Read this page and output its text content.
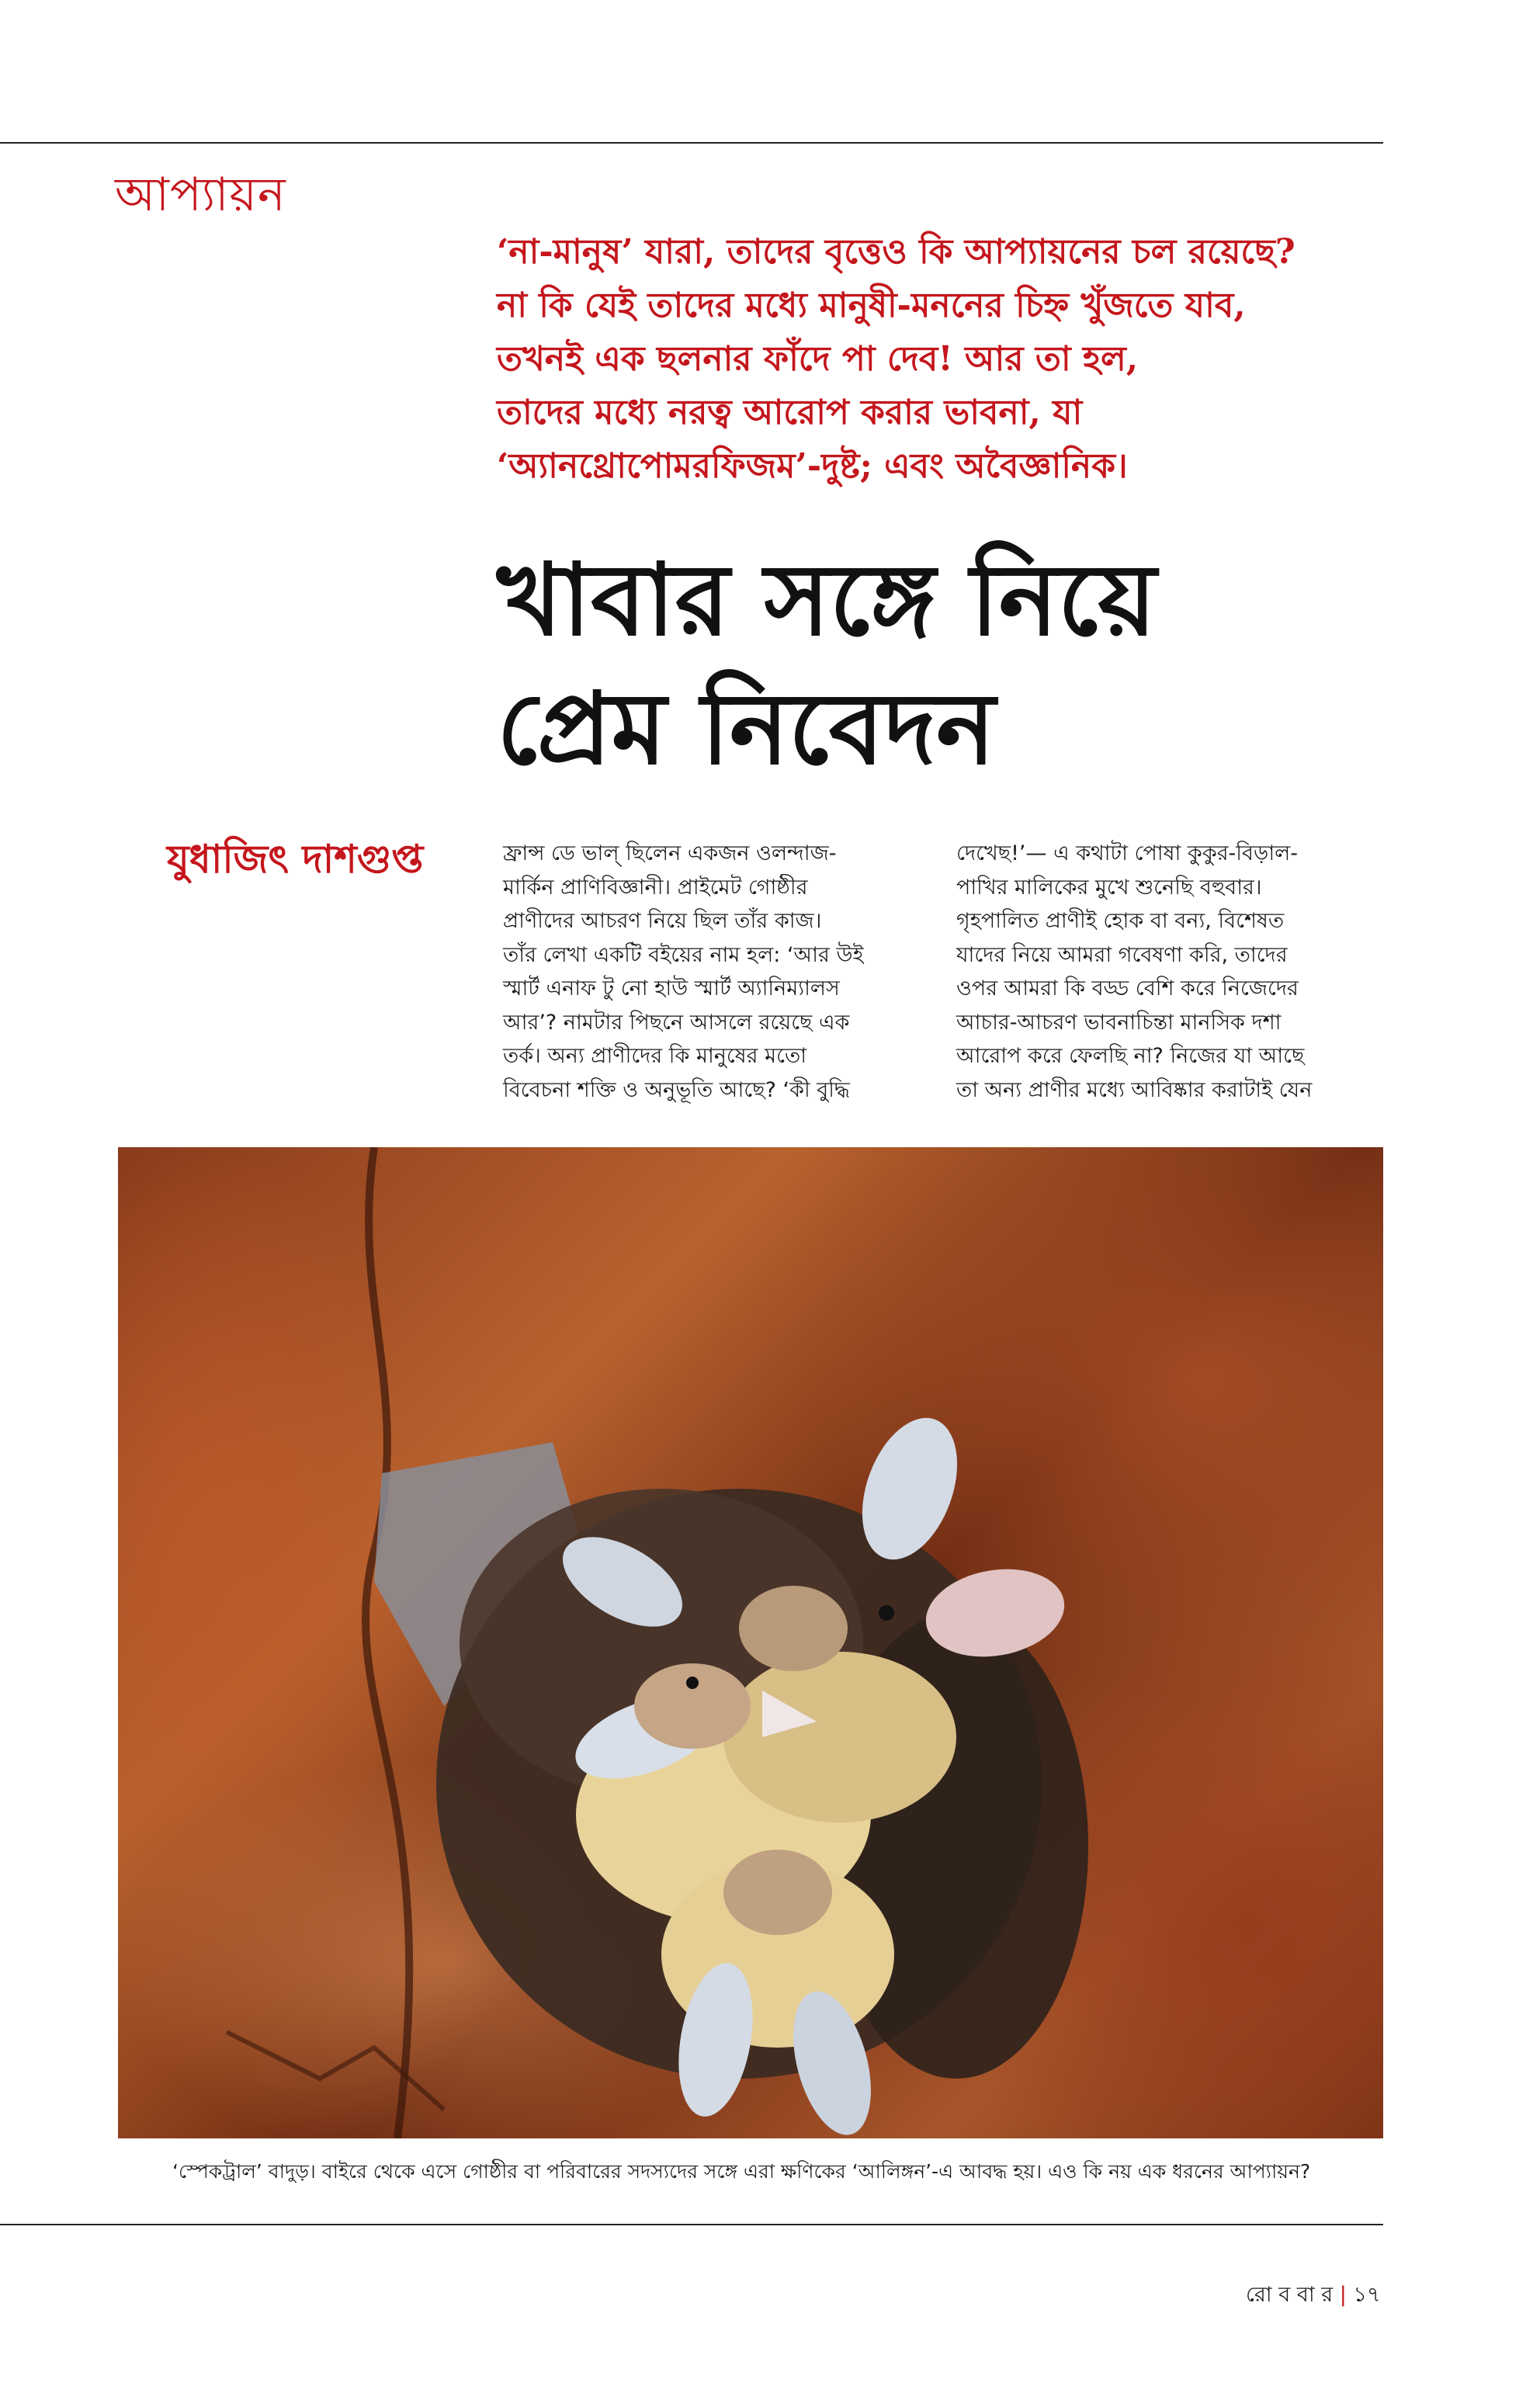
আপ্যায়ন
‘না-মানুষ’ যারা, তাদের বৃত্তেও কি আপ্যায়নের চল রয়েছে?
না কি যেই তাদের মধ্যে মানুষী-মননের চিহ্ন খুঁজতে যাব,
তখনই এক ছলনার ফাঁদে পা দেব! আর তা হল,
তাদের মধ্যে নরত্ব আরোপ করার ভাবনা, যা
‘অ্যানথ্রোপোমরফিজম’-দুষ্ট; এবং অবৈজ্ঞানিক।
খাবার সঙ্গে নিয়ে
প্রেম নিবেদন
যুধাজিৎ দাশগুপ্ত	ফ্রান্স ডে ভাল্ ছিলেন একজন ওলন্দাজ-
মার্কিন প্রাণিবিজ্ঞানী। প্রাইমেট গোষ্ঠীর
প্রাণীদের আচরণ নিয়ে ছিল তাঁর কাজ।
তাঁর লেখা একটি বইয়ের নাম হল: ‘আর উই
স্মার্ট এনাফ টু নো হাউ স্মার্ট অ্যানিম্যালস
আর’? নামটার পিছনে আসলে রয়েছে এক
তর্ক। অন্য প্রাণীদের কি মানুষের মতো
বিবেচনা শক্তি ও অনুভূতি আছে? ‘কী বুদ্ধি
দেখেছ!’— এ কথাটা পোষা কুকুর-বিড়াল-
পাখির মালিকের মুখে শুনেছি বহুবার।
গৃহপালিত প্রাণীই হোক বা বন্য, বিশেষত
যাদের নিয়ে আমরা গবেষণা করি, তাদের
ওপর আমরা কি বড্ড বেশি করে নিজেদের
আচার-আচরণ ভাবনাচিন্তা মানসিক দশা
আরোপ করে ফেলছি না? নিজের যা আছে
তা অন্য প্রাণীর মধ্যে আবিষ্কার করাটাই যেন
‘স্পেকট্রাল’ বাদুড়। বাইরে থেকে এসে গোষ্ঠীর বা পরিবারের সদস্যদের সঙ্গে এরা ক্ষণিকের ‘আলিঙ্গন’-এ আবদ্ধ হয়। এও কি নয় এক ধরনের আপ্যায়ন?
রো ব বা র | ১৭
